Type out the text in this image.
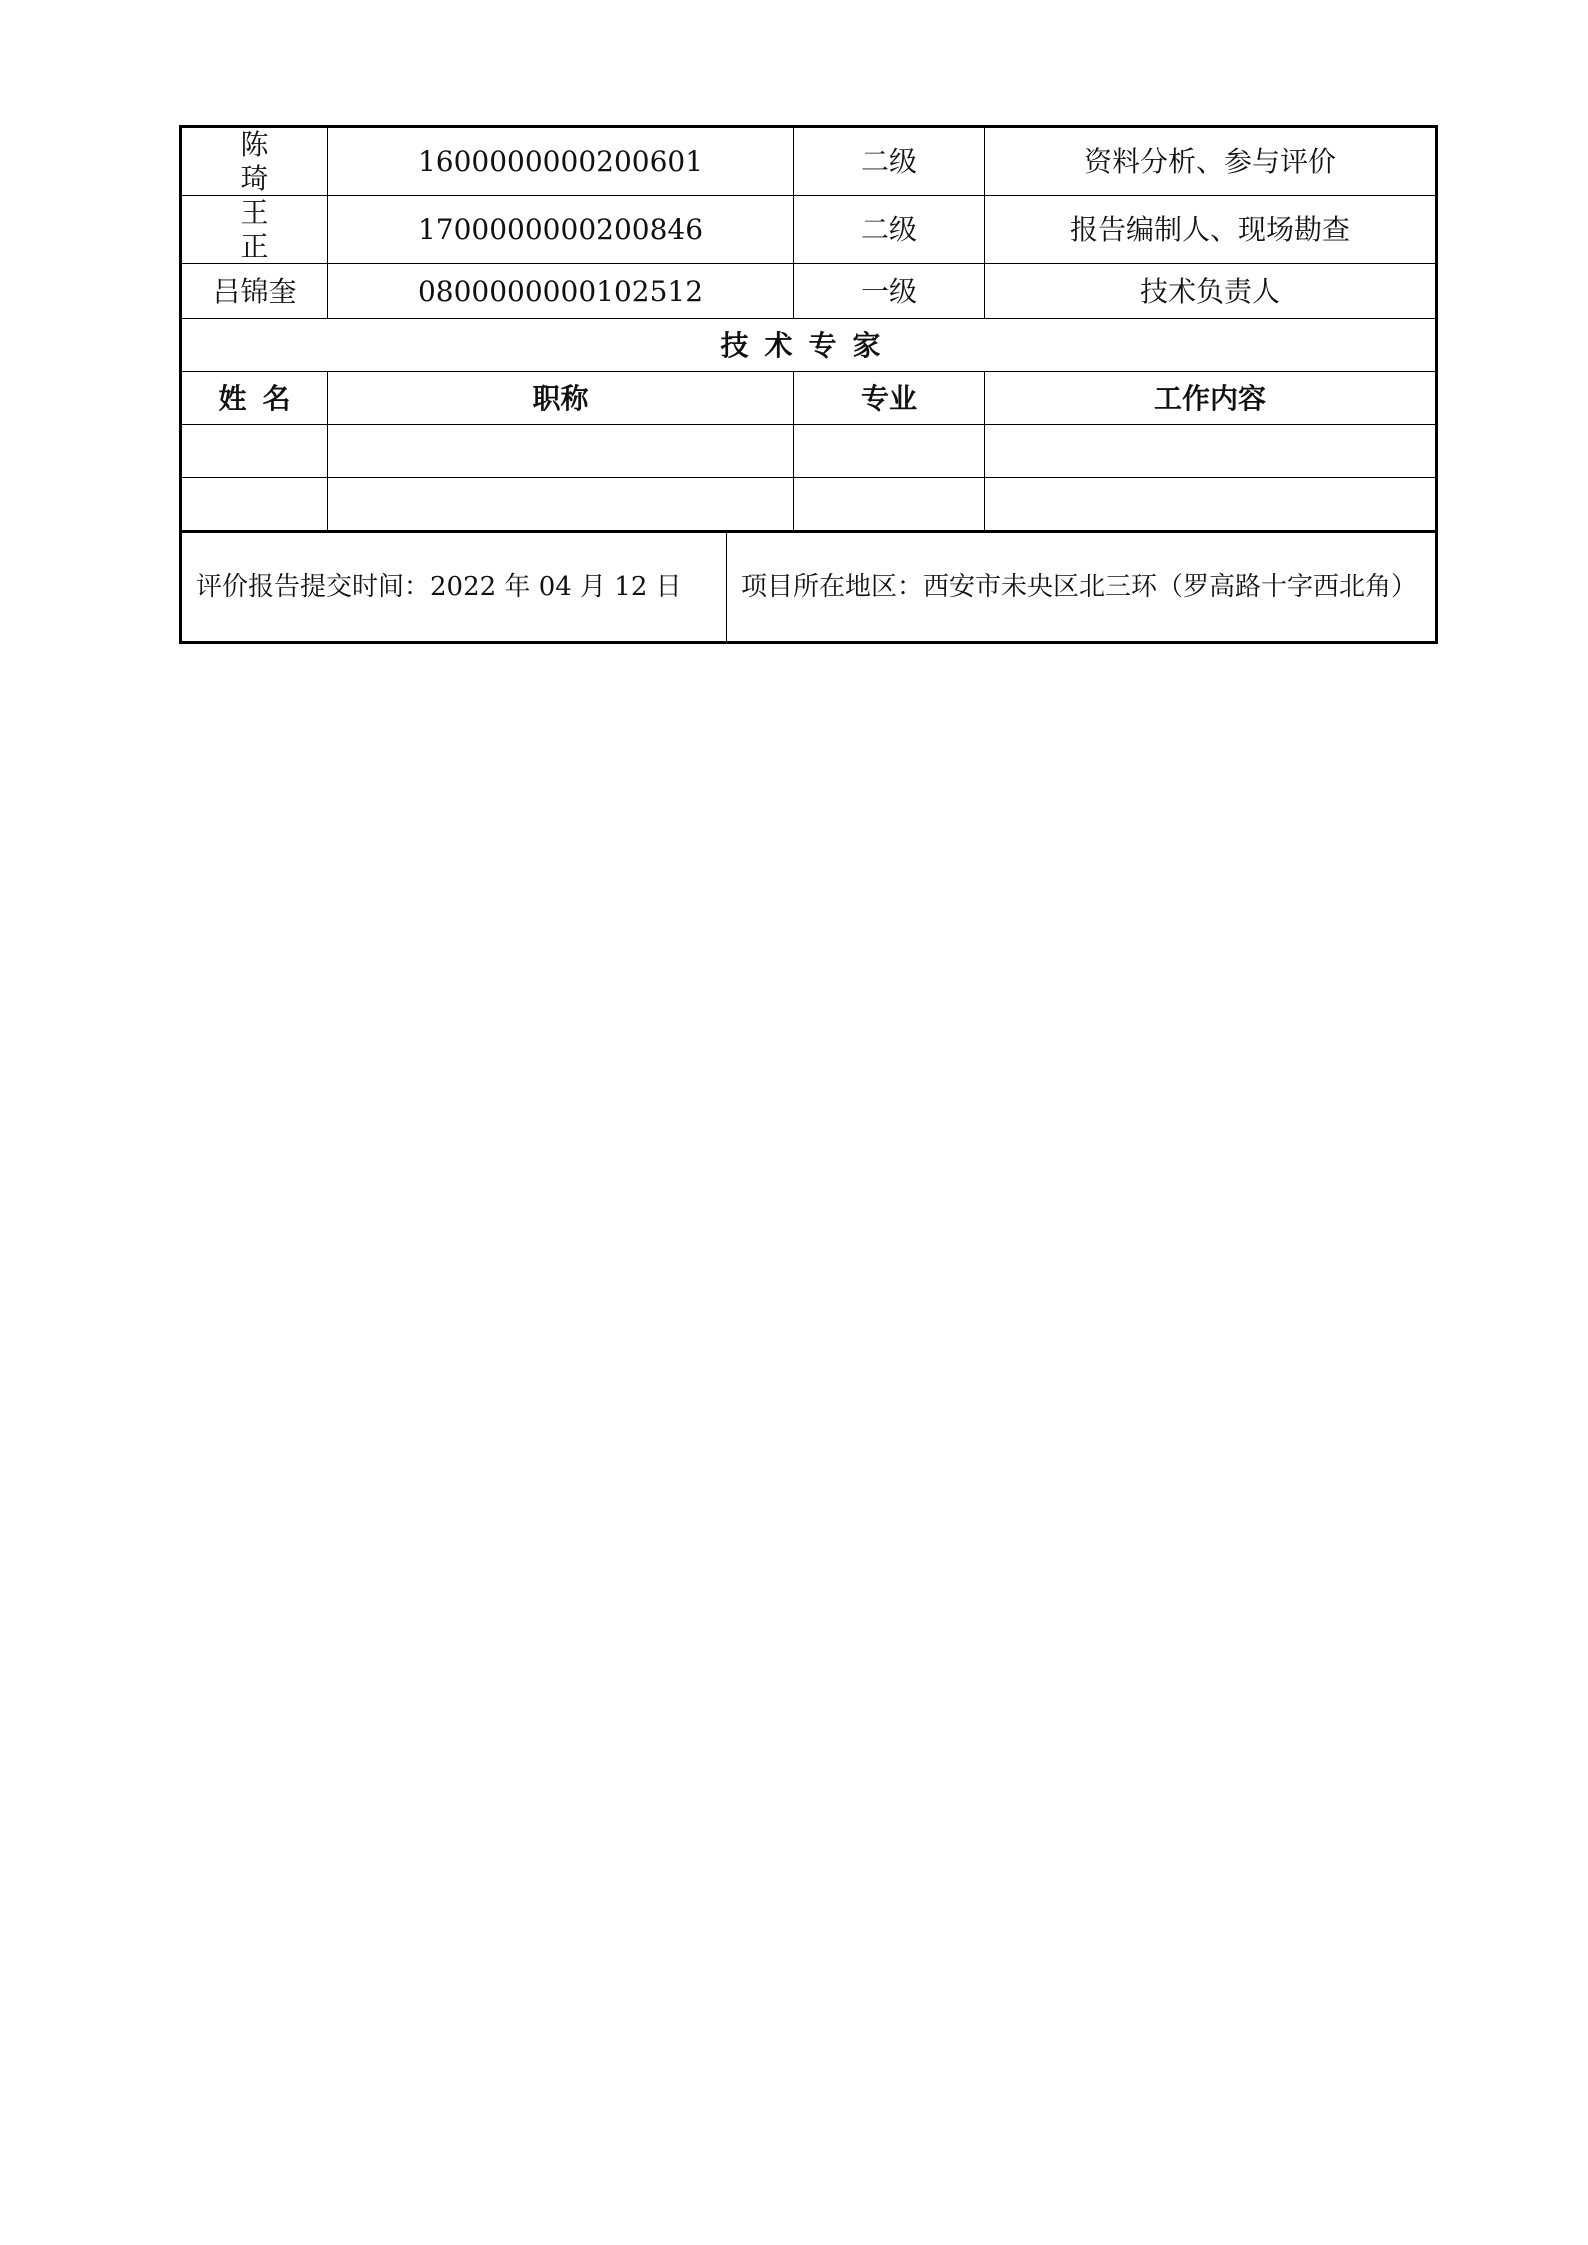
陈琦	1600000000200601	二级	资料分析、参与评价
王正	1700000000200846	二级	报告编制人、现场勘查
吕锦奎	0800000000102512	一级	技术负责人
技术专家			
姓名	职称	专业	工作内容

评价报告提交时间：2022 年 04 月 12 日	项目所在地区：西安市未央区北三环（罗高路十字西北角）
